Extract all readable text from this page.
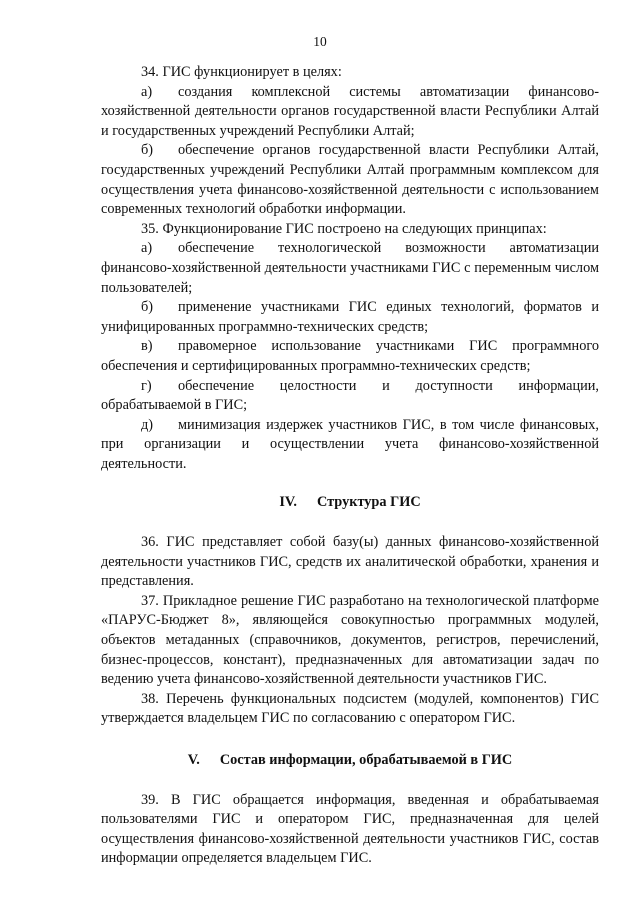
10

34. ГИС функционирует в целях:

а) создания комплексной системы автоматизации финансово-хозяйственной деятельности органов государственной власти Республики Алтай и государственных учреждений Республики Алтай;

б) обеспечение органов государственной власти Республики Алтай, государственных учреждений Республики Алтай программным комплексом для осуществления учета финансово-хозяйственной деятельности с использованием современных технологий обработки информации.

35. Функционирование ГИС построено на следующих принципах:

а) обеспечение технологической возможности автоматизации финансово-хозяйственной деятельности участниками ГИС с переменным числом пользователей;

б) применение участниками ГИС единых технологий, форматов и унифицированных программно-технических средств;

в) правомерное использование участниками ГИС программного обеспечения и сертифицированных программно-технических средств;

г) обеспечение целостности и доступности информации, обрабатываемой в ГИС;

д) минимизация издержек участников ГИС, в том числе финансовых, при организации и осуществлении учета финансово-хозяйственной деятельности.

IV. Структура ГИС

36. ГИС представляет собой базу(ы) данных финансово-хозяйственной деятельности участников ГИС, средств их аналитической обработки, хранения и представления.

37. Прикладное решение ГИС разработано на технологической платформе «ПАРУС-Бюджет 8», являющейся совокупностью программных модулей, объектов метаданных (справочников, документов, регистров, перечислений, бизнес-процессов, констант), предназначенных для автоматизации задач по ведению учета финансово-хозяйственной деятельности участников ГИС.

38. Перечень функциональных подсистем (модулей, компонентов) ГИС утверждается владельцем ГИС по согласованию с оператором ГИС.

V. Состав информации, обрабатываемой в ГИС

39. В ГИС обращается информация, введенная и обрабатываемая пользователями ГИС и оператором ГИС, предназначенная для целей осуществления финансово-хозяйственной деятельности участников ГИС, состав информации определяется владельцем ГИС.
